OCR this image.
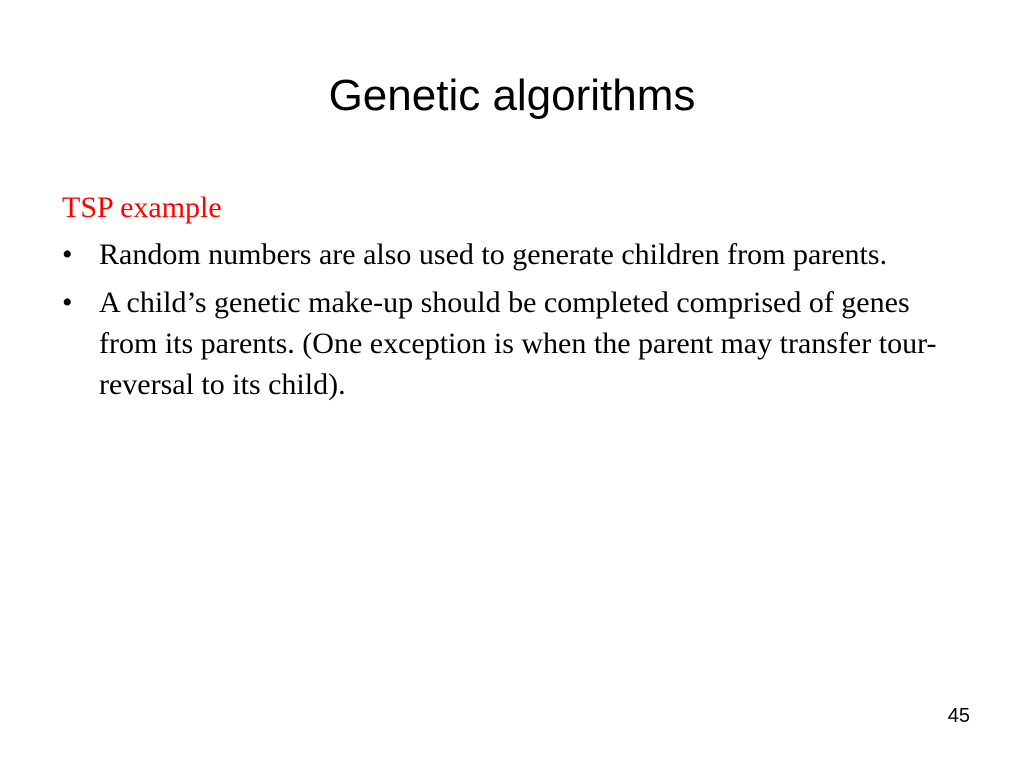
Genetic algorithms
TSP example
• Random numbers are also used to generate children from parents.
• A child’s genetic make-up should be completed comprised of genes from its parents. (One exception is when the parent may transfer tour-reversal to its child).
45
